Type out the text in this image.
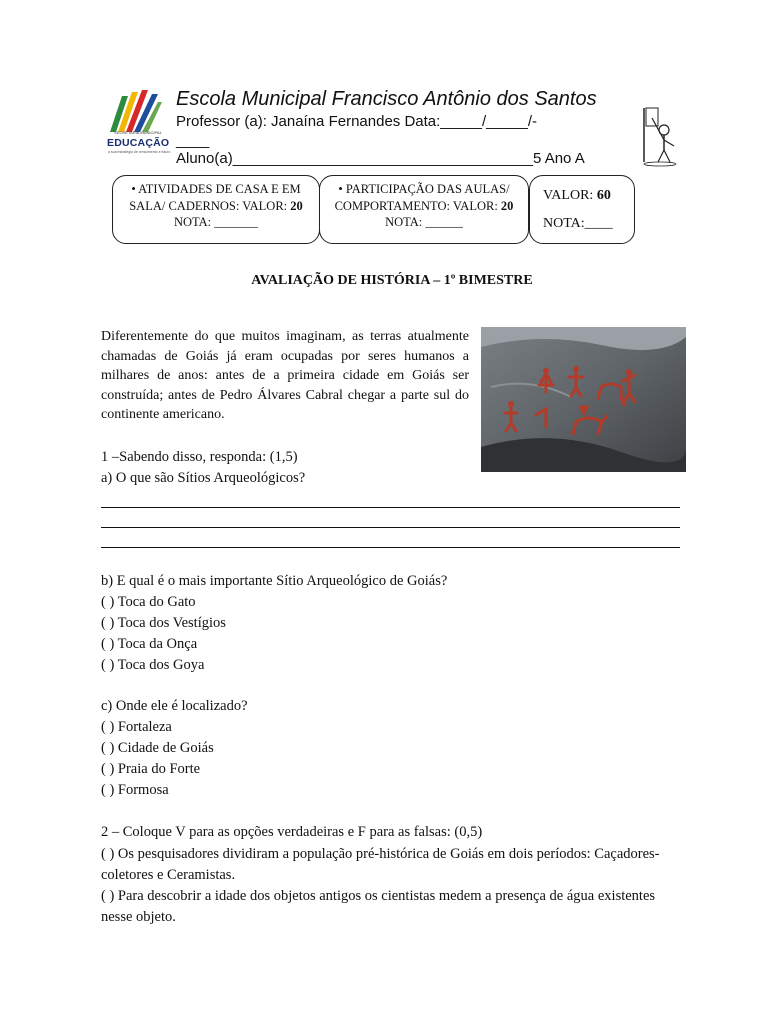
SECRETARIA MUNICIPAL
EDUCAÇÃO
a sua estratégia de crescimento e futuro
Escola Municipal Francisco Antônio dos Santos
Professor (a): Janaína Fernandes Data:_____/_____/-
____
Aluno(a)____________________________________5 Ano A
• ATIVIDADES DE CASA E EM
SALA/ CADERNOS: VALOR: 20
NOTA: _______
• PARTICIPAÇÃO DAS AULAS/
COMPORTAMENTO: VALOR: 20
NOTA: ______
VALOR: 60
NOTA:____
AVALIAÇÃO DE HISTÓRIA – 1º BIMESTRE
Diferentemente do que muitos imaginam, as terras atualmente chamadas de Goiás já eram ocupadas por seres humanos a milhares de anos: antes de a primeira cidade em Goiás ser construída; antes de Pedro Álvares Cabral chegar a parte sul do continente americano.
1 –Sabendo disso, responda: (1,5)
a) O que são Sítios Arqueológicos?
b) E qual é o mais importante Sítio Arqueológico de Goiás?
( ) Toca do Gato
( ) Toca dos Vestígios
( ) Toca da Onça
( ) Toca dos Goya
c) Onde ele é localizado?
( ) Fortaleza
( ) Cidade de Goiás
( ) Praia do Forte
( ) Formosa
2 – Coloque V para as opções verdadeiras e F para as falsas: (0,5)
( ) Os pesquisadores dividiram a população pré-histórica de Goiás em dois períodos: Caçadores-coletores e Ceramistas.
( ) Para descobrir a idade dos objetos antigos os cientistas medem a presença de água existentes nesse objeto.
